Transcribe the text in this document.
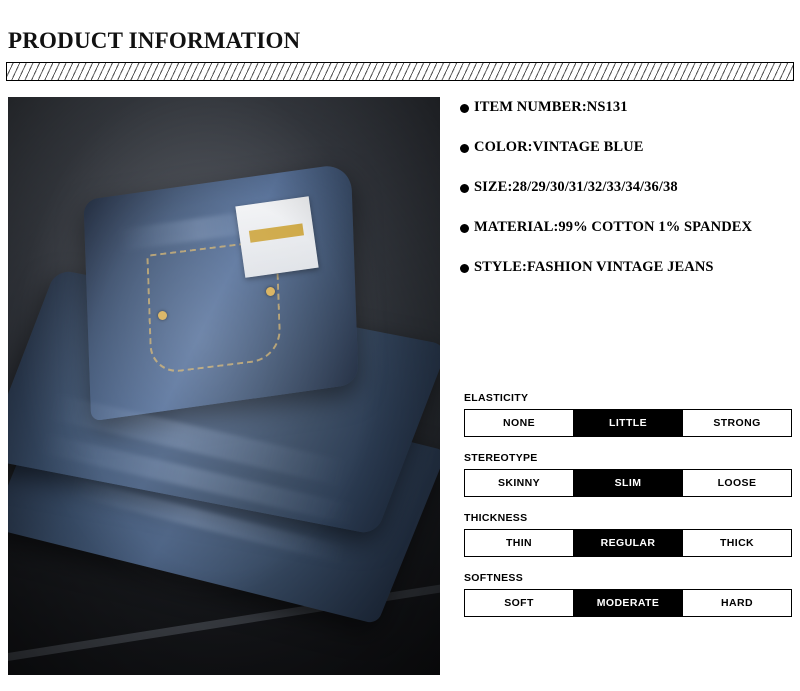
PRODUCT INFORMATION
ITEM NUMBER:NS131
COLOR:VINTAGE BLUE
SIZE:28/29/30/31/32/33/34/36/38
MATERIAL:99% COTTON 1% SPANDEX
STYLE:FASHION VINTAGE JEANS
ELASTICITY
NONE	LITTLE	STRONG
STEREOTYPE
SKINNY	SLIM	LOOSE
THICKNESS
THIN	REGULAR	THICK
SOFTNESS
SOFT	MODERATE	HARD
